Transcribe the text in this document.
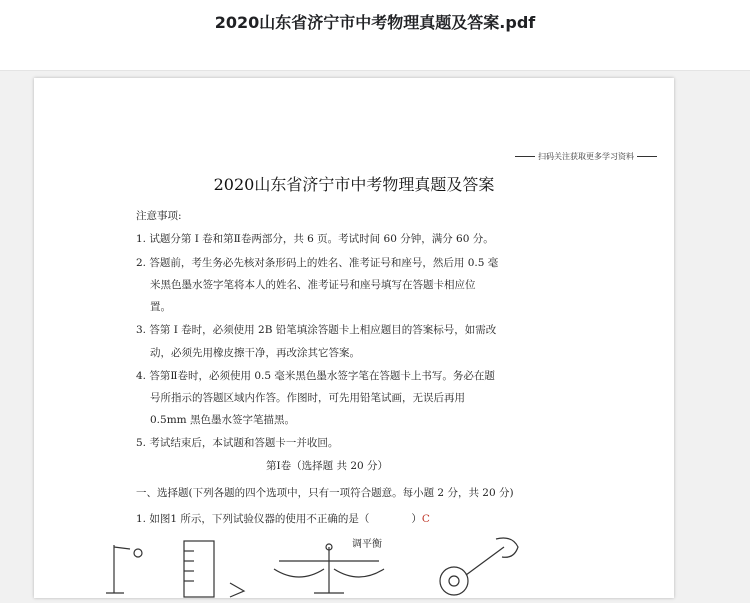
2020山东省济宁市中考物理真题及答案.pdf
扫码关注获取更多学习资料
2020山东省济宁市中考物理真题及答案
注意事项:
1. 试题分第 Ⅰ 卷和第Ⅱ卷两部分，共 6 页。考试时间 60 分钟，满分 60 分。
2. 答题前，考生务必先核对条形码上的姓名、准考证号和座号，然后用 0.5 毫
米黑色墨水签字笔将本人的姓名、准考证号和座号填写在答题卡相应位
置。
3. 答第 Ⅰ 卷时，必须使用 2B 铅笔填涂答题卡上相应题目的答案标号，如需改
动，必须先用橡皮擦干净，再改涂其它答案。
4. 答第Ⅱ卷时，必须使用 0.5 毫米黑色墨水签字笔在答题卡上书写。务必在题
号所指示的答题区域内作答。作图时，可先用铅笔试画，无误后再用
0.5mm 黑色墨水签字笔描黑。
5. 考试结束后，本试题和答题卡一并收回。
第Ⅰ卷（选择题 共 20 分）
一、选择题(下列各题的四个选项中，只有一项符合题意。每小题 2 分，共 20 分)
1. 如图1 所示，下列试验仪器的使用不正确的是（　　　　）C
调平衡
